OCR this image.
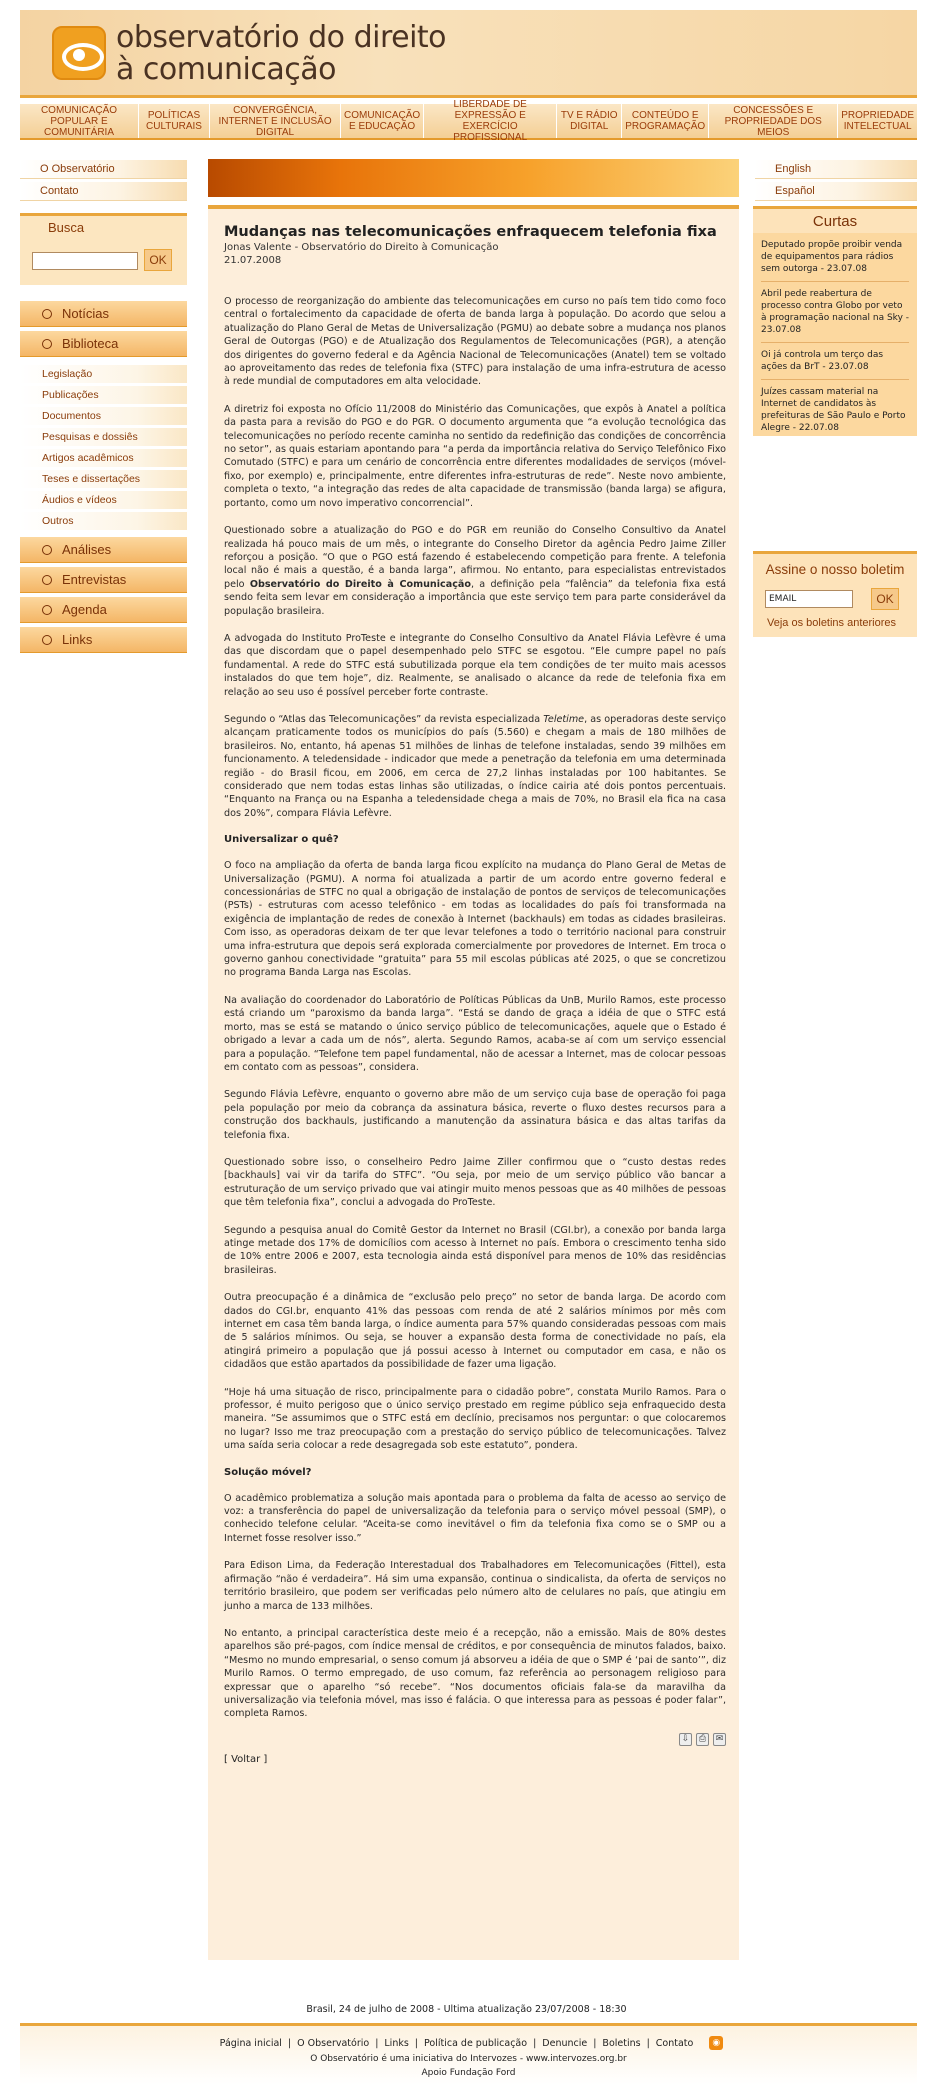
observatório do direito
à comunicação
COMUNICAÇÃO POPULAR E COMUNITÁRIA
POLÍTICAS CULTURAIS
CONVERGÊNCIA, INTERNET E INCLUSÃO DIGITAL
COMUNICAÇÃO E EDUCAÇÃO
LIBERDADE DE EXPRESSÃO E EXERCÍCIO PROFISSIONAL
TV E RÁDIO DIGITAL
CONTEÚDO E PROGRAMAÇÃO
CONCESSÕES E PROPRIEDADE DOS MEIOS
PROPRIEDADE INTELECTUAL
O Observatório
Contato
Busca
OK
Notícias
Biblioteca
Legislação
Publicações
Documentos
Pesquisas e dossiês
Artigos acadêmicos
Teses e dissertações
Áudios e vídeos
Outros
Análises
Entrevistas
Agenda
Links
Mudanças nas telecomunicações enfraquecem telefonia fixa
Jonas Valente - Observatório do Direito à Comunicação
21.07.2008

O processo de reorganização do ambiente das telecomunicações em curso no país tem tido como foco central o fortalecimento da capacidade de oferta de banda larga à população. Do acordo que selou a atualização do Plano Geral de Metas de Universalização (PGMU) ao debate sobre a mudança nos planos Geral de Outorgas (PGO) e de Atualização dos Regulamentos de Telecomunicações (PGR), a atenção dos dirigentes do governo federal e da Agência Nacional de Telecomunicações (Anatel) tem se voltado ao aproveitamento das redes de telefonia fixa (STFC) para instalação de uma infra-estrutura de acesso à rede mundial de computadores em alta velocidade.

A diretriz foi exposta no Ofício 11/2008 do Ministério das Comunicações, que expôs à Anatel a política da pasta para a revisão do PGO e do PGR. O documento argumenta que “a evolução tecnológica das telecomunicações no período recente caminha no sentido da redefinição das condições de concorrência no setor”, as quais estariam apontando para “a perda da importância relativa do Serviço Telefônico Fixo Comutado (STFC) e para um cenário de concorrência entre diferentes modalidades de serviços (móvel-fixo, por exemplo) e, principalmente, entre diferentes infra-estruturas de rede”. Neste novo ambiente, completa o texto, “a integração das redes de alta capacidade de transmissão (banda larga) se afigura, portanto, como um novo imperativo concorrencial”.

Questionado sobre a atualização do PGO e do PGR em reunião do Conselho Consultivo da Anatel realizada há pouco mais de um mês, o integrante do Conselho Diretor da agência Pedro Jaime Ziller reforçou a posição. “O que o PGO está fazendo é estabelecendo competição para frente. A telefonia local não é mais a questão, é a banda larga”, afirmou. No entanto, para especialistas entrevistados pelo Observatório do Direito à Comunicação, a definição pela “falência” da telefonia fixa está sendo feita sem levar em consideração a importância que este serviço tem para parte considerável da população brasileira.

A advogada do Instituto ProTeste e integrante do Conselho Consultivo da Anatel Flávia Lefèvre é uma das que discordam que o papel desempenhado pelo STFC se esgotou. “Ele cumpre papel no país fundamental. A rede do STFC está subutilizada porque ela tem condições de ter muito mais acessos instalados do que tem hoje”, diz. Realmente, se analisado o alcance da rede de telefonia fixa em relação ao seu uso é possível perceber forte contraste.

Segundo o “Atlas das Telecomunicações” da revista especializada Teletime, as operadoras deste serviço alcançam praticamente todos os municípios do país (5.560) e chegam a mais de 180 milhões de brasileiros. No, entanto, há apenas 51 milhões de linhas de telefone instaladas, sendo 39 milhões em funcionamento. A teledensidade - indicador que mede a penetração da telefonia em uma determinada região - do Brasil ficou, em 2006, em cerca de 27,2 linhas instaladas por 100 habitantes. Se considerado que nem todas estas linhas são utilizadas, o índice cairia até dois pontos percentuais. “Enquanto na França ou na Espanha a teledensidade chega a mais de 70%, no Brasil ela fica na casa dos 20%”, compara Flávia Lefèvre.

Universalizar o quê?

O foco na ampliação da oferta de banda larga ficou explícito na mudança do Plano Geral de Metas de Universalização (PGMU). A norma foi atualizada a partir de um acordo entre governo federal e concessionárias de STFC no qual a obrigação de instalação de pontos de serviços de telecomunicações (PSTs) - estruturas com acesso telefônico - em todas as localidades do país foi transformada na exigência de implantação de redes de conexão à Internet (backhauls) em todas as cidades brasileiras. Com isso, as operadoras deixam de ter que levar telefones a todo o território nacional para construir uma infra-estrutura que depois será explorada comercialmente por provedores de Internet. Em troca o governo ganhou conectividade “gratuita” para 55 mil escolas públicas até 2025, o que se concretizou no programa Banda Larga nas Escolas.

Na avaliação do coordenador do Laboratório de Políticas Públicas da UnB, Murilo Ramos, este processo está criando um “paroxismo da banda larga”. “Está se dando de graça a idéia de que o STFC está morto, mas se está se matando o único serviço público de telecomunicações, aquele que o Estado é obrigado a levar a cada um de nós”, alerta. Segundo Ramos, acaba-se aí com um serviço essencial para a população. “Telefone tem papel fundamental, não de acessar a Internet, mas de colocar pessoas em contato com as pessoas”, considera.

Segundo Flávia Lefèvre, enquanto o governo abre mão de um serviço cuja base de operação foi paga pela população por meio da cobrança da assinatura básica, reverte o fluxo destes recursos para a construção dos backhauls, justificando a manutenção da assinatura básica e das altas tarifas da telefonia fixa.

Questionado sobre isso, o conselheiro Pedro Jaime Ziller confirmou que o “custo destas redes [backhauls] vai vir da tarifa do STFC”. “Ou seja, por meio de um serviço público vão bancar a estruturação de um serviço privado que vai atingir muito menos pessoas que as 40 milhões de pessoas que têm telefonia fixa”, conclui a advogada do ProTeste.

Segundo a pesquisa anual do Comitê Gestor da Internet no Brasil (CGI.br), a conexão por banda larga atinge metade dos 17% de domicílios com acesso à Internet no país. Embora o crescimento tenha sido de 10% entre 2006 e 2007, esta tecnologia ainda está disponível para menos de 10% das residências brasileiras.

Outra preocupação é a dinâmica de “exclusão pelo preço” no setor de banda larga. De acordo com dados do CGI.br, enquanto 41% das pessoas com renda de até 2 salários mínimos por mês com internet em casa têm banda larga, o índice aumenta para 57% quando consideradas pessoas com mais de 5 salários mínimos. Ou seja, se houver a expansão desta forma de conectividade no país, ela atingirá primeiro a população que já possui acesso à Internet ou computador em casa, e não os cidadãos que estão apartados da possibilidade de fazer uma ligação.

“Hoje há uma situação de risco, principalmente para o cidadão pobre”, constata Murilo Ramos. Para o professor, é muito perigoso que o único serviço prestado em regime público seja enfraquecido desta maneira. “Se assumimos que o STFC está em declínio, precisamos nos perguntar: o que colocaremos no lugar? Isso me traz preocupação com a prestação do serviço público de telecomunicações. Talvez uma saída seria colocar a rede desagregada sob este estatuto”, pondera.

Solução móvel?

O acadêmico problematiza a solução mais apontada para o problema da falta de acesso ao serviço de voz: a transferência do papel de universalização da telefonia para o serviço móvel pessoal (SMP), o conhecido telefone celular. “Aceita-se como inevitável o fim da telefonia fixa como se o SMP ou a Internet fosse resolver isso.”

Para Edison Lima, da Federação Interestadual dos Trabalhadores em Telecomunicações (Fittel), esta afirmação “não é verdadeira”. Há sim uma expansão, continua o sindicalista, da oferta de serviços no território brasileiro, que podem ser verificadas pelo número alto de celulares no país, que atingiu em junho a marca de 133 milhões.

No entanto, a principal característica deste meio é a recepção, não a emissão. Mais de 80% destes aparelhos são pré-pagos, com índice mensal de créditos, e por consequência de minutos falados, baixo. “Mesmo no mundo empresarial, o senso comum já absorveu a idéia de que o SMP é ‘pai de santo’”, diz Murilo Ramos. O termo empregado, de uso comum, faz referência ao personagem religioso para expressar que o aparelho “só recebe”. “Nos documentos oficiais fala-se da maravilha da universalização via telefonia móvel, mas isso é falácia. O que interessa para as pessoas é poder falar”, completa Ramos.

⇩	⎙	✉
[ Voltar ]
English
Español
Curtas
Deputado propõe proibir venda de equipamentos para rádios sem outorga - 23.07.08
Abril pede reabertura de processo contra Globo por veto à programação nacional na Sky - 23.07.08
Oi já controla um terço das ações da BrT - 23.07.08
Juízes cassam material na Internet de candidatos às prefeituras de São Paulo e Porto Alegre - 22.07.08
Assine o nosso boletim
EMAIL	OK
Veja os boletins anteriores
Brasil, 24 de julho de 2008 - Ultima atualização 23/07/2008 - 18:30
Página inicial | O Observatório | Links | Política de publicação | Denuncie | Boletins | Contato	◉
O Observatório é uma iniciativa do Intervozes - www.intervozes.org.br
Apoio Fundação Ford
